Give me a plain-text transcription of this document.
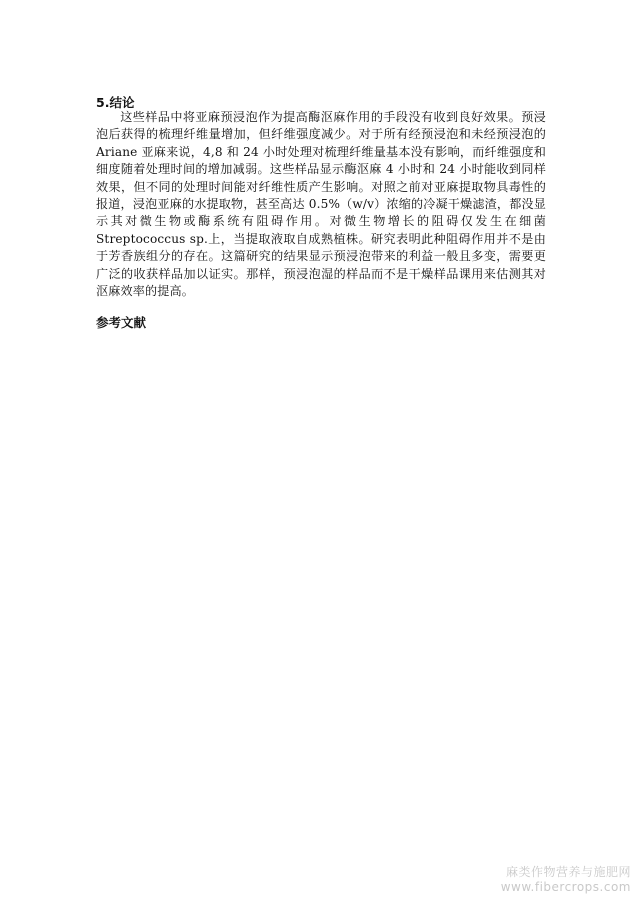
5.结论

这些样品中将亚麻预浸泡作为提高酶沤麻作用的手段没有收到良好效果。预浸泡后获得的梳理纤维量增加，但纤维强度减少。对于所有经预浸泡和未经预浸泡的 Ariane 亚麻来说，4,8 和 24 小时处理对梳理纤维量基本没有影响，而纤维强度和细度随着处理时间的增加减弱。这些样品显示酶沤麻 4 小时和 24 小时能收到同样效果，但不同的处理时间能对纤维性质产生影响。对照之前对亚麻提取物具毒性的报道，浸泡亚麻的水提取物，甚至高达 0.5%（w/v）浓缩的冷凝干燥滤渣，都没显示其对微生物或酶系统有阻碍作用。对微生物增长的阻碍仅发生在细菌 Streptococcus sp.上，当提取液取自成熟植株。研究表明此种阻碍作用并不是由于芳香族组分的存在。这篇研究的结果显示预浸泡带来的利益一般且多变，需要更广泛的收获样品加以证实。那样，预浸泡湿的样品而不是干燥样品课用来估测其对沤麻效率的提高。

参考文献
麻类作物营养与施肥网
www.fibercrops.com
